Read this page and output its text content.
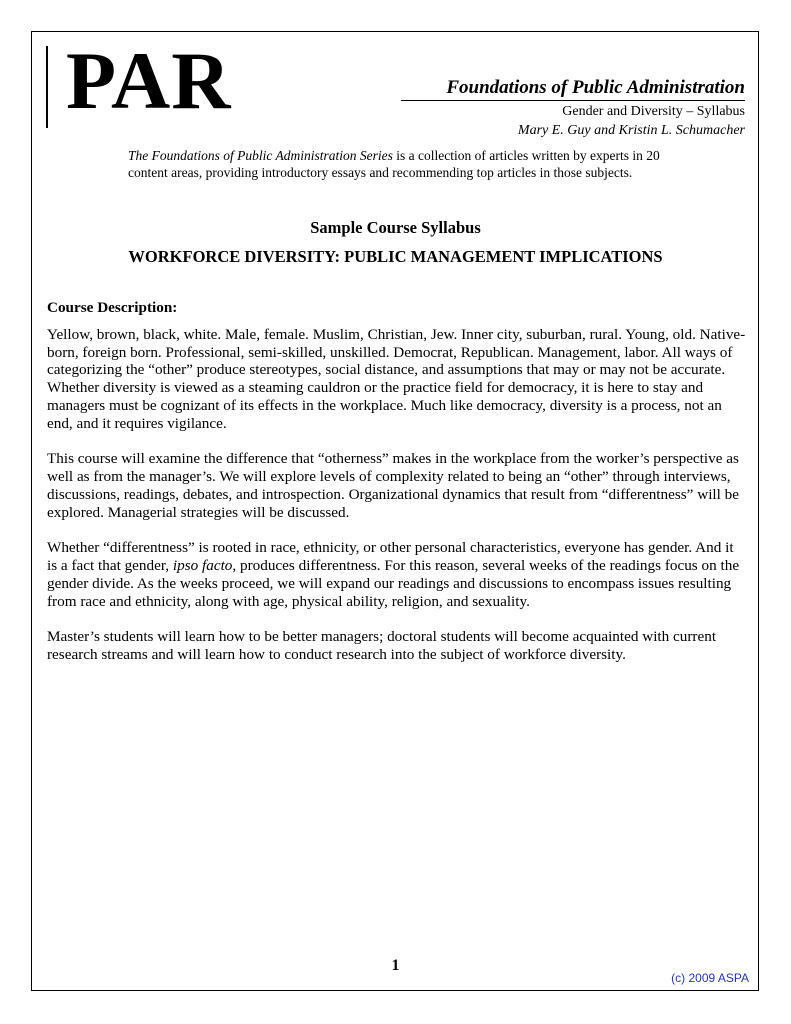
PAR	Foundations of Public Administration
Gender and Diversity – Syllabus
Mary E. Guy and Kristin L. Schumacher
The Foundations of Public Administration Series is a collection of articles written by experts in 20
content areas, providing introductory essays and recommending top articles in those subjects.
Sample Course Syllabus
WORKFORCE DIVERSITY: PUBLIC MANAGEMENT IMPLICATIONS
Course Description:

Yellow, brown, black, white. Male, female. Muslim, Christian, Jew. Inner city, suburban, rural. Young, old. Native-born, foreign born. Professional, semi-skilled, unskilled. Democrat, Republican. Management, labor. All ways of categorizing the “other” produce stereotypes, social distance, and assumptions that may or may not be accurate. Whether diversity is viewed as a steaming cauldron or the practice field for democracy, it is here to stay and managers must be cognizant of its effects in the workplace. Much like democracy, diversity is a process, not an end, and it requires vigilance.

This course will examine the difference that “otherness” makes in the workplace from the worker’s perspective as well as from the manager’s. We will explore levels of complexity related to being an “other” through interviews, discussions, readings, debates, and introspection. Organizational dynamics that result from “differentness” will be explored. Managerial strategies will be discussed.

Whether “differentness” is rooted in race, ethnicity, or other personal characteristics, everyone has gender. And it is a fact that gender, ipso facto, produces differentness. For this reason, several weeks of the readings focus on the gender divide. As the weeks proceed, we will expand our readings and discussions to encompass issues resulting from race and ethnicity, along with age, physical ability, religion, and sexuality.

Master’s students will learn how to be better managers; doctoral students will become acquainted with current research streams and will learn how to conduct research into the subject of workforce diversity.

1
(c) 2009 ASPA
